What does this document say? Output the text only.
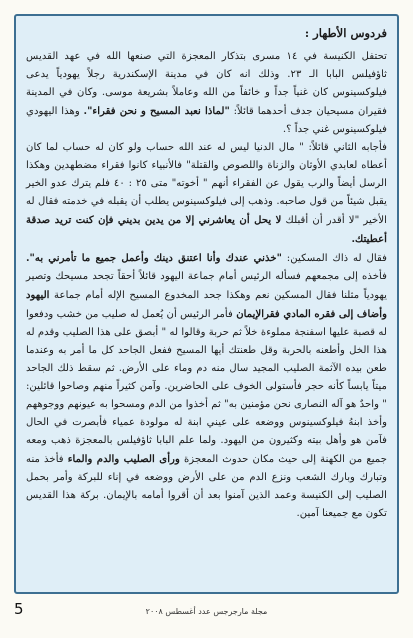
فردوس الأطهار :

تحتفل الكنيسة في ١٤ مسرى بتذكار المعجزة التي صنعها الله في عهد القديس ثاؤفيلس البابا الـ ٢٣. وذلك انه كان في مدينة الإسكندرية رجلاً يهودياً يدعى فيلوكسينوس كان غنياً جداً و خائفاً من الله وعاملاً بشريعة موسى. وكان في المدينة فقيران مسيحيان جدف أحدهما قائلاً: "لماذا نعبد المسيح و نحن فقراء". وهذا اليهودي فيلوكسينوس غني جداً ؟.

فأجابه الثاني قائلاً: " مال الدنيا ليس له عند الله حساب ولو كان له حساب لما كان أعطاه لعابدي الأوثان والزناة واللصوص والقتلة" فالأنبياء كانوا فقراء مضطهدين وهكذا الرسل أيضاً والرب يقول عن الفقراء أنهم " أخوته" متى ٢٥ : ٤٠ فلم يترك عدو الخير يقبل شيئاً من قول صاحبه. وذهب إلى فيلوكسينوس يطلب أن يقبله في خدمته فقال له الأخير "لا أقدر أن أقبلك لا يحل أن يعاشرني إلا من يدين بديني فإن كنت تريد صدقة أعطيتك.

فقال له ذاك المسكين: "خذني عندك وأنا اعتنق دينك وأعمل جميع ما تأمرني به". فأخذه إلى مجمعهم فسأله الرئيس أمام جماعة اليهود قائلاً أحقاً تجحد مسيحك وتصير يهودياً مثلنا فقال المسكين نعم وهكذا جحد المخدوع المسيح الإله أمام جماعة اليهود وأضاف إلى فقره المادي فقرالإيمان فأمر الرئيس أن يُعمل له صليب من خشب ودفعوا له قصبة عليها اسفنجة مملوءة خلاً ثم حربة وقالوا له " أبصق على هذا الصليب وقدم له هذا الخل وأطعنه بالحربة وقل طعنتك أيها المسيح ففعل الجاحد كل ما أمر به وعندما طعن بيده الآثمة الصليب المجيد سال منه دم وماء على الأرض. ثم سقط ذلك الجاحد ميتاً يابساً كأنه حجر فأستولى الخوف على الحاضرين. وآمن كثيراً منهم وصاحوا قائلين: " واحدٌ هو آله النصارى نحن مؤمنين به" ثم أخذوا من الدم ومسحوا به عيونهم ووجوههم وأخذ ابنهُ فيلوكسينوس ووضعه على عيني ابنة له مولودة عمياء فأبصرت في الحال فآمن هو وأهل بيته وكثيرون من اليهود. ولما علم البابا ثاؤفيلس بالمعجزة ذهب ومعه جميع من الكهنة إلى حيث مكان حدوث المعجزة ورأى الصليب والدم والماء فأخذ منه وتبارك وبارك الشعب ونزع الدم من على الأرض ووضعه في إناء للبركة وأمر بحمل الصليب إلى الكنيسة وعمد الذين آمنوا بعد أن أقروا أمامه بالإيمان. بركة هذا القديس تكون مع جميعنا آمين.

مجلة مارجرجس عدد أغسطس ٢٠٠٨
5
